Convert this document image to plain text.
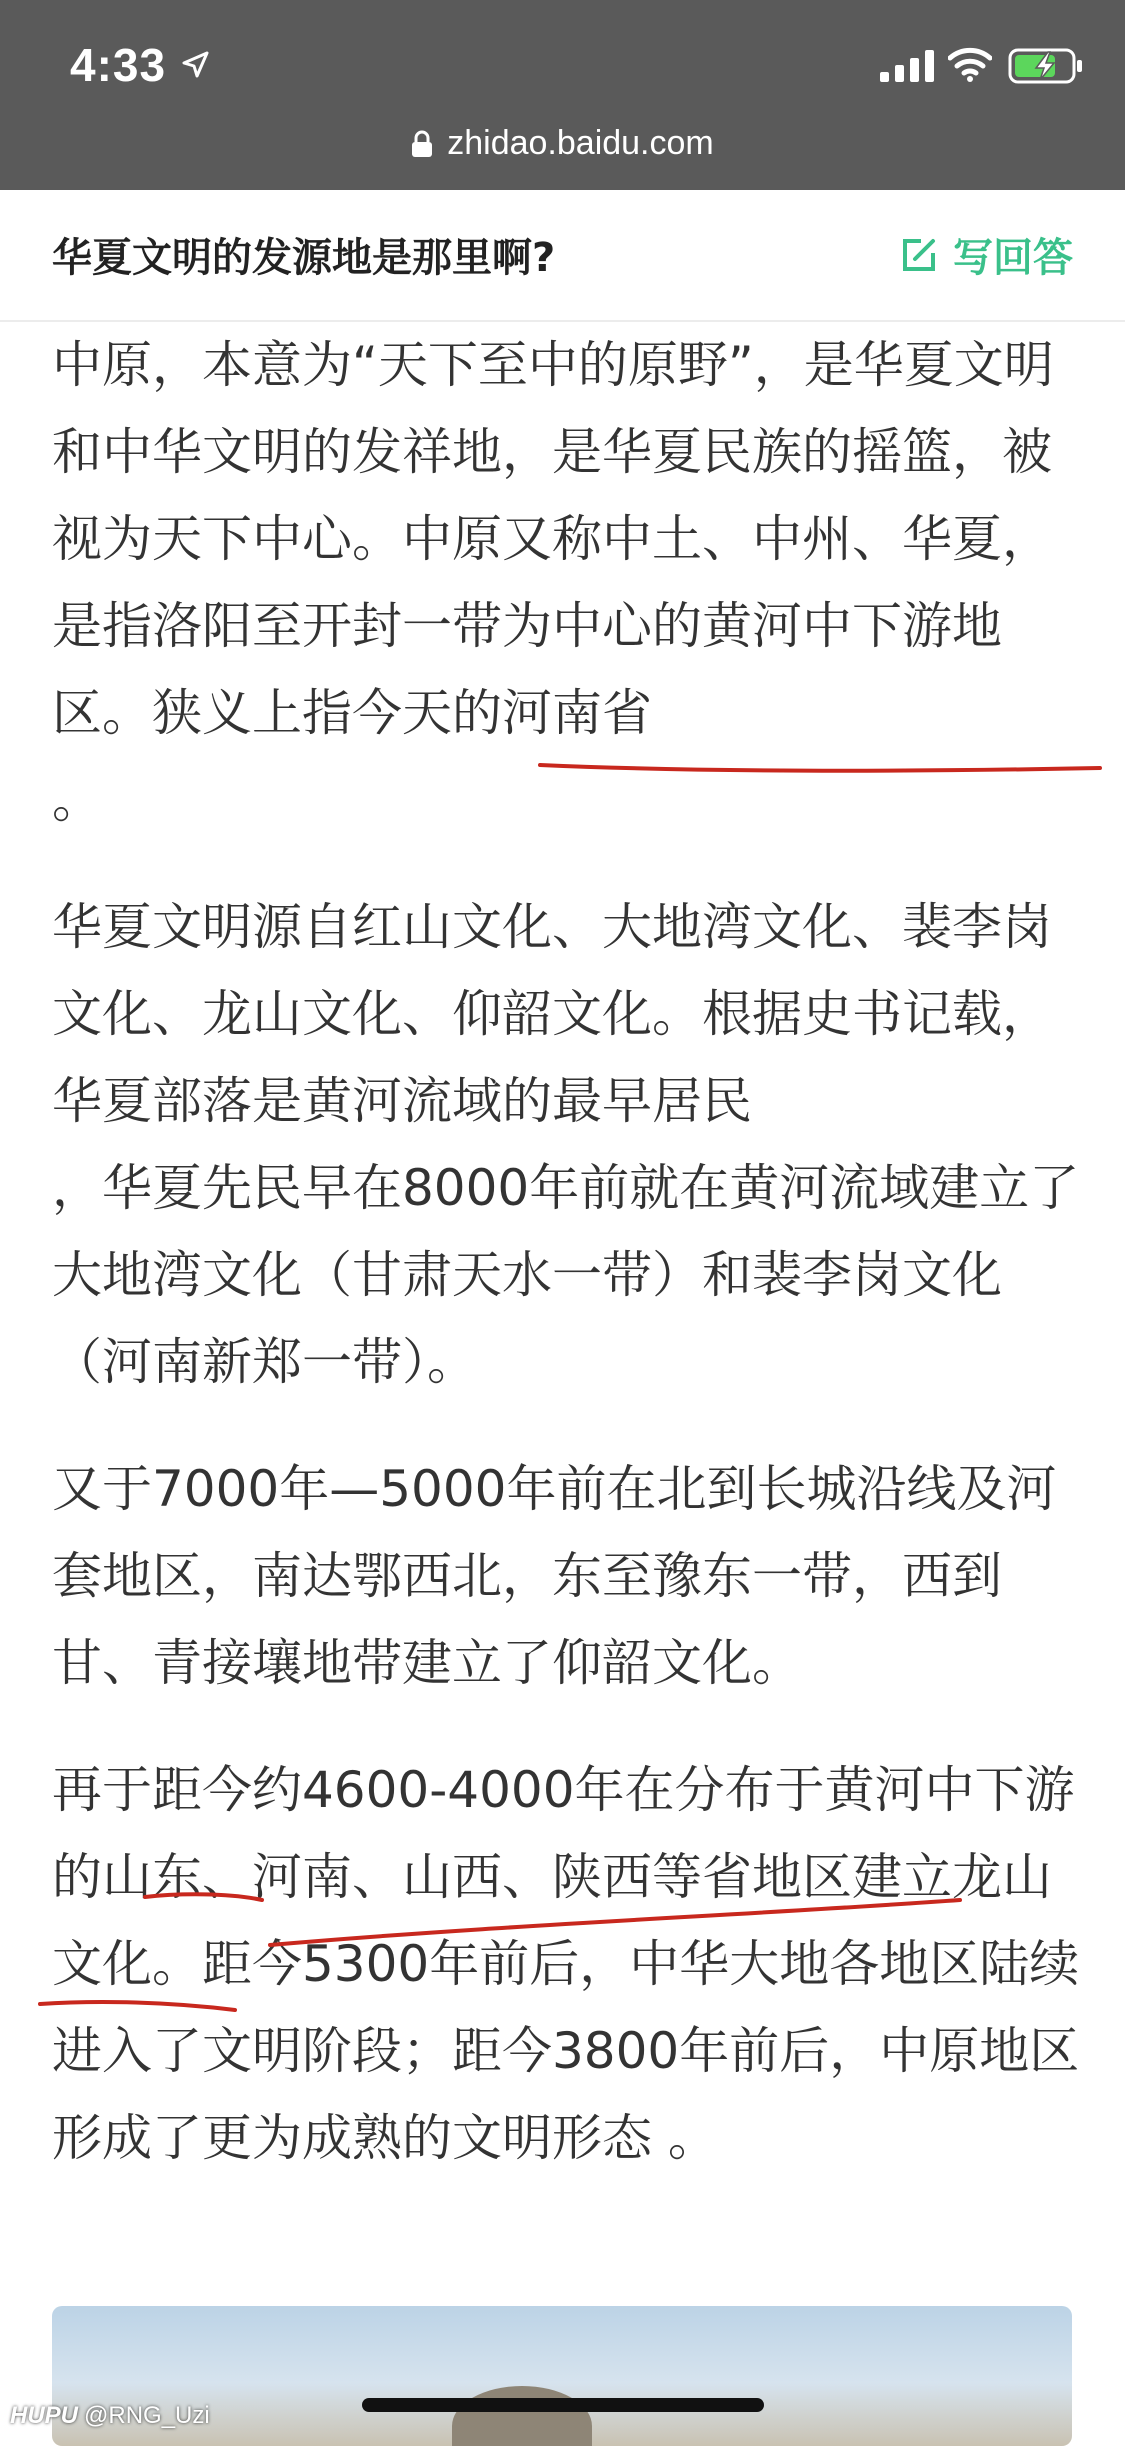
4:33
zhidao.baidu.com
华夏文明的发源地是那里啊?	写回答

中原，本意为“天下至中的原野”，是华夏文明和中华文明的发祥地，是华夏民族的摇篮，被视为天下中心。中原又称中土、中州、华夏，是指洛阳至开封一带为中心的黄河中下游地区。狭义上指今天的河南省
。

华夏文明源自红山文化、大地湾文化、裴李岗文化、龙山文化、仰韶文化。根据史书记载，华夏部落是黄河流域的最早居民
，华夏先民早在8000年前就在黄河流域建立了大地湾文化（甘肃天水一带）和裴李岗文化（河南新郑一带）。

又于7000年—5000年前在北到长城沿线及河套地区，南达鄂西北，东至豫东一带，西到甘、青接壤地带建立了仰韶文化。

再于距今约4600-4000年在分布于黄河中下游的山东、河南、山西、陕西等省地区建立龙山文化。距今5300年前后，中华大地各地区陆续进入了文明阶段；距今3800年前后，中原地区形成了更为成熟的文明形态 。

HUPU @RNG_Uzi
